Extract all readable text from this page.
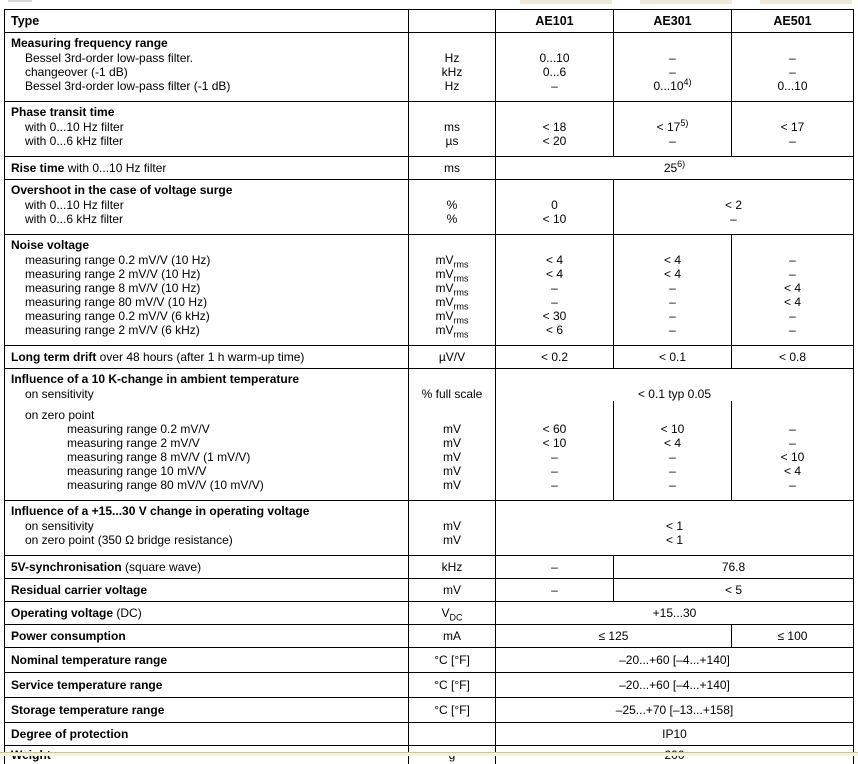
Type		AE101	AE301	AE501
Measuring frequency range				
Bessel 3rd-order low-pass filter.	Hz	0...10	–	–
changeover (-1 dB)	kHz	0...6	–	–
Bessel 3rd-order low-pass filter (-1 dB)	Hz	–	0...10$^{4)}$	0...10
Phase transit time				
with 0...10 Hz filter	ms	< 18	< $17^{5)}$	< 17
with 0...6 kHz filter	µs	< 20	–	–
Rise time with 0...10 Hz filter	ms	25$^{6)}$
Overshoot in the case of voltage surge				
with 0...10 Hz filter	%	0	< 2	
with 0...6 kHz filter	%	< 10	–	
Noise voltage				
measuring range 0.2 mV/V (10 Hz)	$mV_{rms}$	< 4	< 4	–
measuring range 2 mV/V (10 Hz)	$mV_{rms}$	< 4	< 4	–
measuring range 8 mV/V (10 Hz)	$mV_{rms}$	–	–	< 4
measuring range 80 mV/V (10 Hz)	$mV_{rms}$	–	–	< 4
measuring range 0.2 mV/V (6 kHz)	$mV_{rms}$	< 30	–	–
measuring range 2 mV/V (6 kHz)	$mV_{rms}$	< 6	–	–
Long term drift over 48 hours (after 1 h warm-up time)	µV/V	< 0.2	< 0.1	< 0.8
Influence of a 10 K-change in ambient temperature				
on sensitivity	% full scale	< 0.1 typ 0.05		
on zero point				
measuring range 0.2 mV/V	mV	< 60	< 10	–
measuring range 2 mV/V	mV	< 10	< 4	–
measuring range 8 mV/V (1 mV/V)	mV	–	–	< 10
measuring range 10 mV/V	mV	–	–	< 4
measuring range 80 mV/V (10 mV/V)	mV	–	–	–
Influence of a +15...30 V change in operating voltage				
on sensitivity	mV	< 1		
on zero point (350 Ω bridge resistance)	mV	< 1		
5V-synchronisation (square wave)	kHz	–	76.8	
Residual carrier voltage	mV	–	< 5	
Operating voltage (DC)	$V_{DC}$	+15...30		
Power consumption	mA	≤ 125		≤ 100
Nominal temperature range	°C [°F]	–20...+60 [–4...+140]		
Service temperature range	°C [°F]	–20...+60 [–4...+140]		
Storage temperature range	°C [°F]	–25...+70 [–13...+158]		
Degree of protection		IP10		
